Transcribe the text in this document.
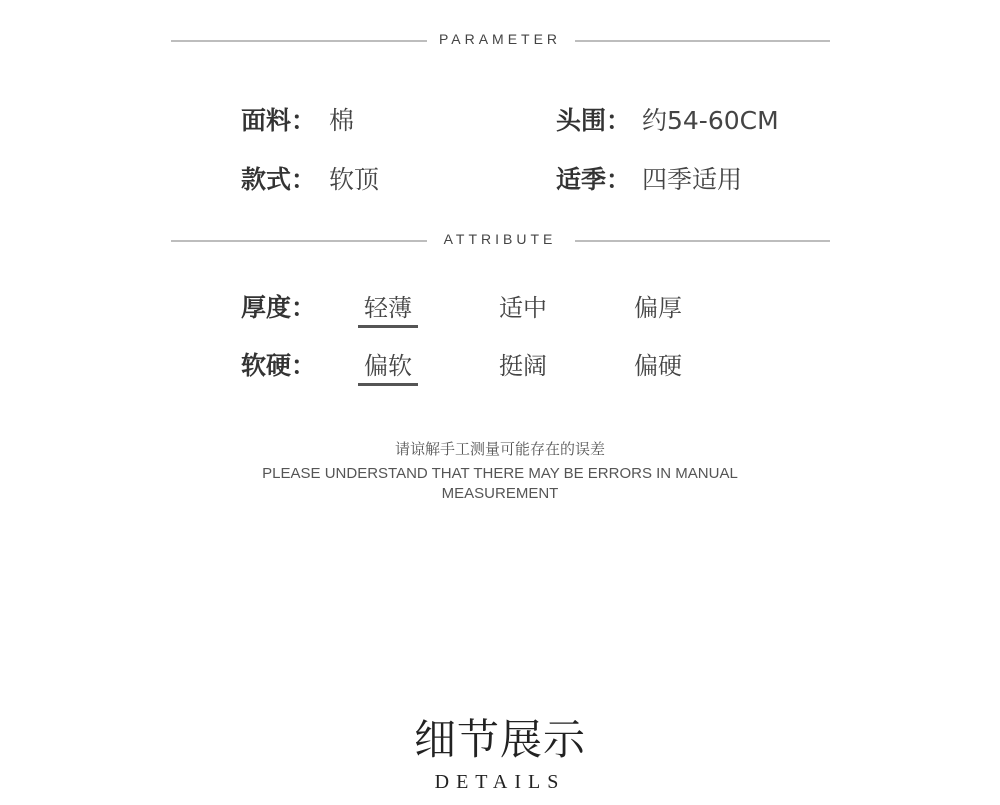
PARAMETER
面料： 棉	头围： 约54-60CM
款式： 软顶	适季： 四季适用
ATTRIBUTE
厚度： 轻薄	适中	偏厚
软硬： 偏软	挺阔	偏硬
请谅解手工测量可能存在的误差
PLEASE UNDERSTAND THAT THERE MAY BE ERRORS IN MANUAL
MEASUREMENT
细节展示
DETAILS
